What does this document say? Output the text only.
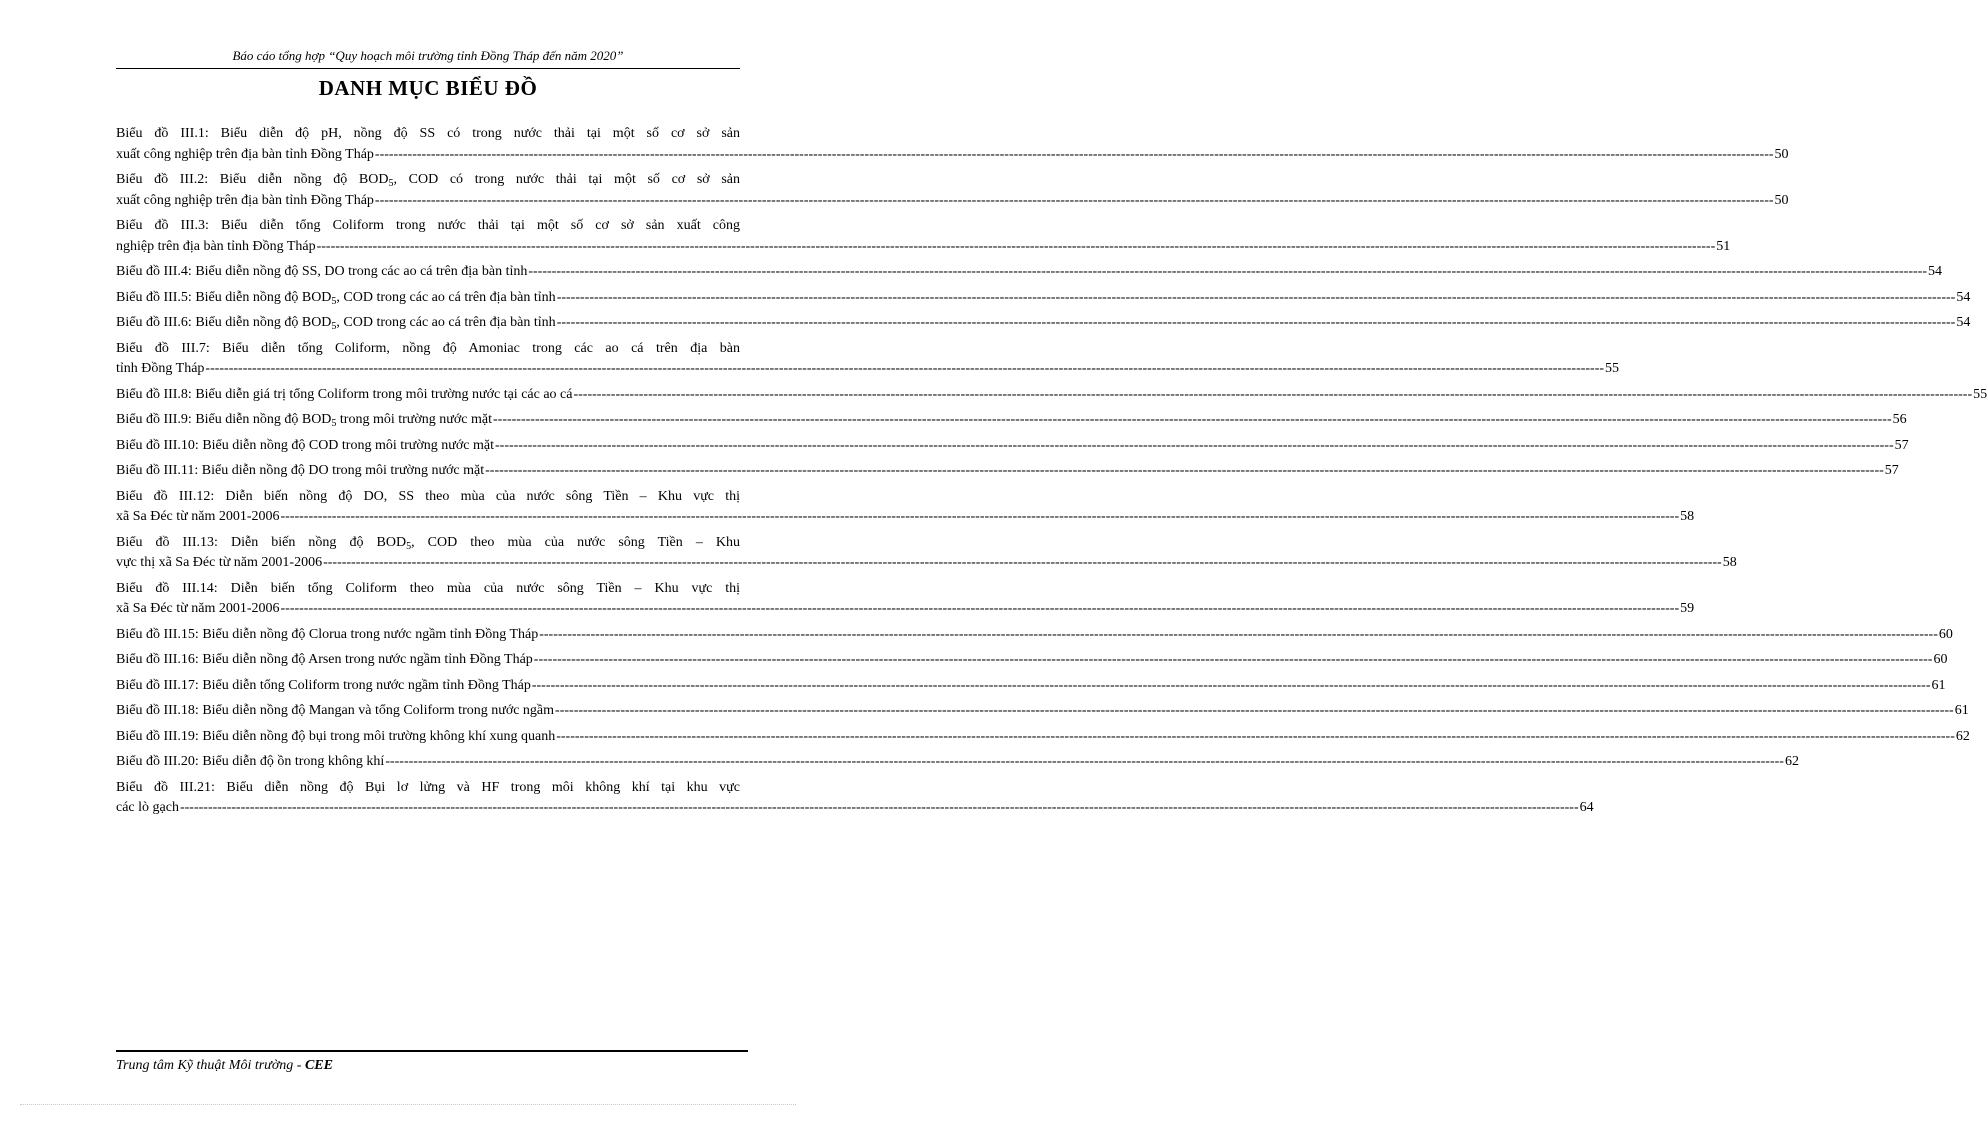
Báo cáo tổng hợp “Quy hoạch môi trường tỉnh Đồng Tháp đến năm 2020”
DANH MỤC BIỂU ĐỒ
Biểu đồ III.1: Biểu diễn độ pH, nồng độ SS có trong nước thải tại một số cơ sở sản
xuất công nghiệp trên địa bàn tỉnh Đồng Tháp ------------------------------------------------------------------------------------------------------------------------------------------------------------------------------------------------------------------------------------------------------------------------------------------------------------ 50
Biểu đồ III.2: Biểu diễn nồng độ $BOD_5$, COD có trong nước thải tại một số cơ sở sản
xuất công nghiệp trên địa bàn tỉnh Đồng Tháp ------------------------------------------------------------------------------------------------------------------------------------------------------------------------------------------------------------------------------------------------------------------------------------------------------------ 50
Biểu đồ III.3: Biểu diễn tổng Coliform trong nước thải tại một số cơ sở sản xuất công
nghiệp trên địa bàn tỉnh Đồng Tháp ------------------------------------------------------------------------------------------------------------------------------------------------------------------------------------------------------------------------------------------------------------------------------------------------------------ 51
Biểu đồ III.4: Biểu diễn nồng độ SS, DO trong các ao cá trên địa bàn tỉnh ------------------------------------------------------------------------------------------------------------------------------------------------------------------------------------------------------------------------------------------------------------------------------------------------------------ 54
Biểu đồ III.5: Biểu diễn nồng độ $BOD_5$, COD trong các ao cá trên địa bàn tỉnh ------------------------------------------------------------------------------------------------------------------------------------------------------------------------------------------------------------------------------------------------------------------------------------------------------------ 54
Biểu đồ III.6: Biểu diễn nồng độ $BOD_5$, COD trong các ao cá trên địa bàn tỉnh ------------------------------------------------------------------------------------------------------------------------------------------------------------------------------------------------------------------------------------------------------------------------------------------------------------ 54
Biểu đồ III.7: Biểu diễn tổng Coliform, nồng độ Amoniac trong các ao cá trên địa bàn
tỉnh Đồng Tháp ------------------------------------------------------------------------------------------------------------------------------------------------------------------------------------------------------------------------------------------------------------------------------------------------------------ 55
Biểu đồ III.8: Biểu diễn giá trị tổng Coliform trong môi trường nước tại các ao cá ------------------------------------------------------------------------------------------------------------------------------------------------------------------------------------------------------------------------------------------------------------------------------------------------------------ 55
Biểu đồ III.9: Biểu diễn nồng độ $BOD_5$ trong môi trường nước mặt ------------------------------------------------------------------------------------------------------------------------------------------------------------------------------------------------------------------------------------------------------------------------------------------------------------ 56
Biểu đồ III.10: Biểu diễn nồng độ COD trong môi trường nước mặt ------------------------------------------------------------------------------------------------------------------------------------------------------------------------------------------------------------------------------------------------------------------------------------------------------------ 57
Biểu đồ III.11: Biểu diễn nồng độ DO trong môi trường nước mặt ------------------------------------------------------------------------------------------------------------------------------------------------------------------------------------------------------------------------------------------------------------------------------------------------------------ 57
Biểu đồ III.12: Diễn biến nồng độ DO, SS theo mùa của nước sông Tiền – Khu vực thị
xã Sa Đéc từ năm 2001-2006 ------------------------------------------------------------------------------------------------------------------------------------------------------------------------------------------------------------------------------------------------------------------------------------------------------------ 58
Biểu đồ III.13: Diễn biến nồng độ $BOD_5$, COD theo mùa của nước sông Tiền – Khu
vực thị xã Sa Đéc từ năm 2001-2006 ------------------------------------------------------------------------------------------------------------------------------------------------------------------------------------------------------------------------------------------------------------------------------------------------------------ 58
Biểu đồ III.14: Diễn biến tổng Coliform theo mùa của nước sông Tiền – Khu vực thị
xã Sa Đéc từ năm 2001-2006 ------------------------------------------------------------------------------------------------------------------------------------------------------------------------------------------------------------------------------------------------------------------------------------------------------------ 59
Biểu đồ III.15: Biểu diễn nồng độ Clorua trong nước ngầm tỉnh Đồng Tháp ------------------------------------------------------------------------------------------------------------------------------------------------------------------------------------------------------------------------------------------------------------------------------------------------------------ 60
Biểu đồ III.16: Biểu diễn nồng độ Arsen trong nước ngầm tỉnh Đồng Tháp ------------------------------------------------------------------------------------------------------------------------------------------------------------------------------------------------------------------------------------------------------------------------------------------------------------ 60
Biểu đồ III.17: Biểu diễn tổng Coliform trong nước ngầm tỉnh Đồng Tháp ------------------------------------------------------------------------------------------------------------------------------------------------------------------------------------------------------------------------------------------------------------------------------------------------------------ 61
Biểu đồ III.18: Biểu diễn nồng độ Mangan và tổng Coliform trong nước ngầm ------------------------------------------------------------------------------------------------------------------------------------------------------------------------------------------------------------------------------------------------------------------------------------------------------------ 61
Biểu đồ III.19: Biểu diễn nồng độ bụi trong môi trường không khí xung quanh ------------------------------------------------------------------------------------------------------------------------------------------------------------------------------------------------------------------------------------------------------------------------------------------------------------ 62
Biểu đồ III.20: Biểu diễn độ ồn trong không khí ------------------------------------------------------------------------------------------------------------------------------------------------------------------------------------------------------------------------------------------------------------------------------------------------------------ 62
Biểu đồ III.21: Biểu diễn nồng độ Bụi lơ lửng và HF trong môi không khí tại khu vực
các lò gạch ------------------------------------------------------------------------------------------------------------------------------------------------------------------------------------------------------------------------------------------------------------------------------------------------------------ 64
Trung tâm Kỹ thuật Môi trường - CEE
